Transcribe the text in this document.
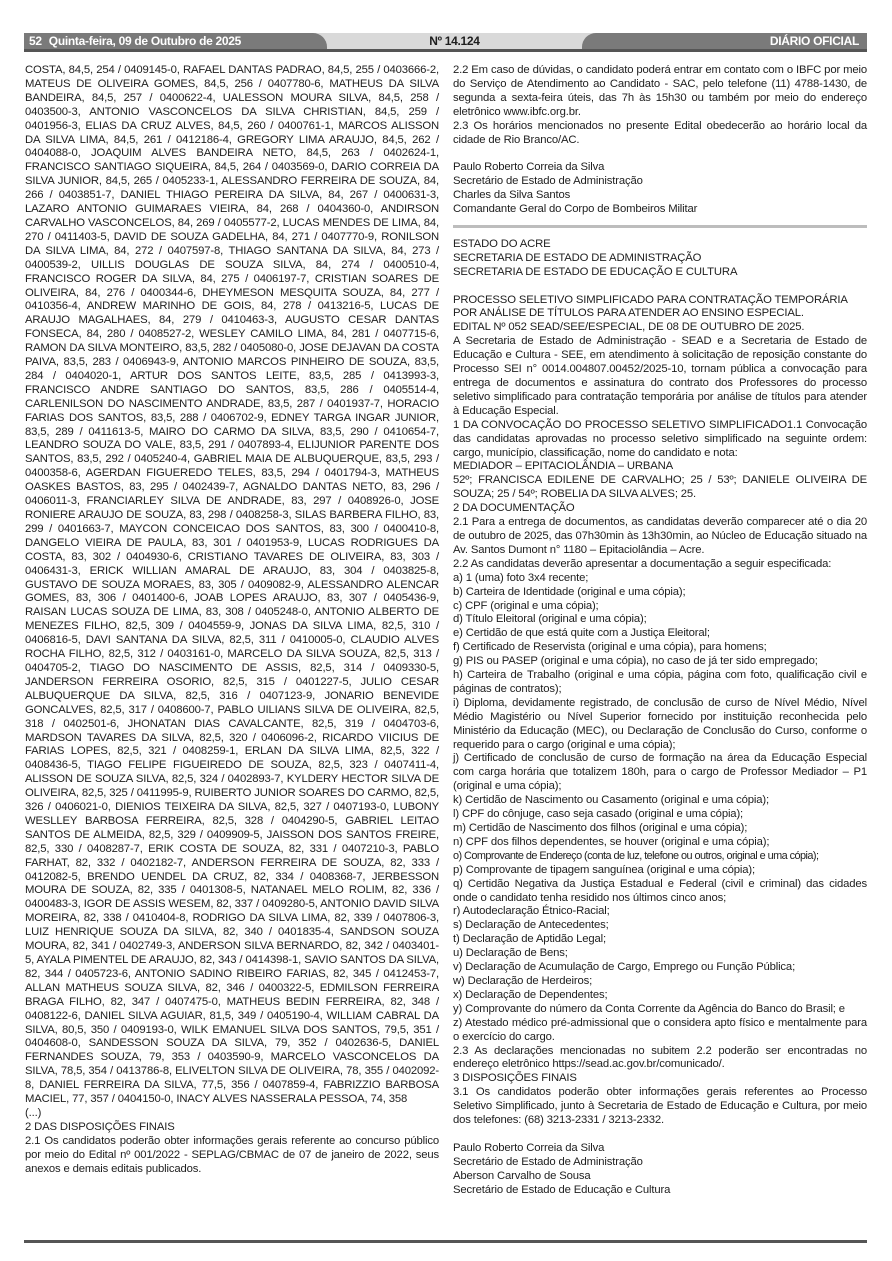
52 Quinta-feira, 09 de Outubro de 2025	Nº 14.124	DIÁRIO OFICIAL

COSTA, 84,5, 254 / 0409145-0, RAFAEL DANTAS PADRAO, 84,5, 255 / 0403666-2, MATEUS DE OLIVEIRA GOMES, 84,5, 256 / 0407780-6, MATHEUS DA SILVA BANDEIRA, 84,5, 257 / 0400622-4, UALESSON MOURA SILVA, 84,5, 258 / 0403500-3, ANTONIO VASCONCELOS DA SILVA CHRISTIAN, 84,5, 259 / 0401956-3, ELIAS DA CRUZ ALVES, 84,5, 260 / 0400761-1, MARCOS ALISSON DA SILVA LIMA, 84,5, 261 / 0412186-4, GREGORY LIMA ARAUJO, 84,5, 262 / 0404088-0, JOAQUIM ALVES BANDEIRA NETO, 84,5, 263 / 0402624-1, FRANCISCO SANTIAGO SIQUEIRA, 84,5, 264 / 0403569-0, DARIO CORREIA DA SILVA JUNIOR, 84,5, 265 / 0405233-1, ALESSANDRO FERREIRA DE SOUZA, 84, 266 / 0403851-7, DANIEL THIAGO PEREIRA DA SILVA, 84, 267 / 0400631-3, LAZARO ANTONIO GUIMARAES VIEIRA, 84, 268 / 0404360-0, ANDIRSON CARVALHO VASCONCELOS, 84, 269 / 0405577-2, LUCAS MENDES DE LIMA, 84, 270 / 0411403-5, DAVID DE SOUZA GADELHA, 84, 271 / 0407770-9, RONILSON DA SILVA LIMA, 84, 272 / 0407597-8, THIAGO SANTANA DA SILVA, 84, 273 / 0400539-2, UILLIS DOUGLAS DE SOUZA SILVA, 84, 274 / 0400510-4, FRANCISCO ROGER DA SILVA, 84, 275 / 0406197-7, CRISTIAN SOARES DE OLIVEIRA, 84, 276 / 0400344-6, DHEYMESON MESQUITA SOUZA, 84, 277 / 0410356-4, ANDREW MARINHO DE GOIS, 84, 278 / 0413216-5, LUCAS DE ARAUJO MAGALHAES, 84, 279 / 0410463-3, AUGUSTO CESAR DANTAS FONSECA, 84, 280 / 0408527-2, WESLEY CAMILO LIMA, 84, 281 / 0407715-6, RAMON DA SILVA MONTEIRO, 83,5, 282 / 0405080-0, JOSE DEJAVAN DA COSTA PAIVA, 83,5, 283 / 0406943-9, ANTONIO MARCOS PINHEIRO DE SOUZA, 83,5, 284 / 0404020-1, ARTUR DOS SANTOS LEITE, 83,5, 285 / 0413993-3, FRANCISCO ANDRE SANTIAGO DO SANTOS, 83,5, 286 / 0405514-4, CARLENILSON DO NASCIMENTO ANDRADE, 83,5, 287 / 0401937-7, HORACIO FARIAS DOS SANTOS, 83,5, 288 / 0406702-9, EDNEY TARGA INGAR JUNIOR, 83,5, 289 / 0411613-5, MAIRO DO CARMO DA SILVA, 83,5, 290 / 0410654-7, LEANDRO SOUZA DO VALE, 83,5, 291 / 0407893-4, ELIJUNIOR PARENTE DOS SANTOS, 83,5, 292 / 0405240-4, GABRIEL MAIA DE ALBUQUERQUE, 83,5, 293 / 0400358-6, AGERDAN FIGUEREDO TELES, 83,5, 294 / 0401794-3, MATHEUS OASKES BASTOS, 83, 295 / 0402439-7, AGNALDO DANTAS NETO, 83, 296 / 0406011-3, FRANCIARLEY SILVA DE ANDRADE, 83, 297 / 0408926-0, JOSE RONIERE ARAUJO DE SOUZA, 83, 298 / 0408258-3, SILAS BARBERA FILHO, 83, 299 / 0401663-7, MAYCON CONCEICAO DOS SANTOS, 83, 300 / 0400410-8, DANGELO VIEIRA DE PAULA, 83, 301 / 0401953-9, LUCAS RODRIGUES DA COSTA, 83, 302 / 0404930-6, CRISTIANO TAVARES DE OLIVEIRA, 83, 303 / 0406431-3, ERICK WILLIAN AMARAL DE ARAUJO, 83, 304 / 0403825-8, GUSTAVO DE SOUZA MORAES, 83, 305 / 0409082-9, ALESSANDRO ALENCAR GOMES, 83, 306 / 0401400-6, JOAB LOPES ARAUJO, 83, 307 / 0405436-9, RAISAN LUCAS SOUZA DE LIMA, 83, 308 / 0405248-0, ANTONIO ALBERTO DE MENEZES FILHO, 82,5, 309 / 0404559-9, JONAS DA SILVA LIMA, 82,5, 310 / 0406816-5, DAVI SANTANA DA SILVA, 82,5, 311 / 0410005-0, CLAUDIO ALVES ROCHA FILHO, 82,5, 312 / 0403161-0, MARCELO DA SILVA SOUZA, 82,5, 313 / 0404705-2, TIAGO DO NASCIMENTO DE ASSIS, 82,5, 314 / 0409330-5, JANDERSON FERREIRA OSORIO, 82,5, 315 / 0401227-5, JULIO CESAR ALBUQUERQUE DA SILVA, 82,5, 316 / 0407123-9, JONARIO BENEVIDE GONCALVES, 82,5, 317 / 0408600-7, PABLO UILIANS SILVA DE OLIVEIRA, 82,5, 318 / 0402501-6, JHONATAN DIAS CAVALCANTE, 82,5, 319 / 0404703-6, MARDSON TAVARES DA SILVA, 82,5, 320 / 0406096-2, RICARDO VIICIUS DE FARIAS LOPES, 82,5, 321 / 0408259-1, ERLAN DA SILVA LIMA, 82,5, 322 / 0408436-5, TIAGO FELIPE FIGUEIREDO DE SOUZA, 82,5, 323 / 0407411-4, ALISSON DE SOUZA SILVA, 82,5, 324 / 0402893-7, KYLDERY HECTOR SILVA DE OLIVEIRA, 82,5, 325 / 0411995-9, RUIBERTO JUNIOR SOARES DO CARMO, 82,5, 326 / 0406021-0, DIENIOS TEIXEIRA DA SILVA, 82,5, 327 / 0407193-0, LUBONY WESLLEY BARBOSA FERREIRA, 82,5, 328 / 0404290-5, GABRIEL LEITAO SANTOS DE ALMEIDA, 82,5, 329 / 0409909-5, JAISSON DOS SANTOS FREIRE, 82,5, 330 / 0408287-7, ERIK COSTA DE SOUZA, 82, 331 / 0407210-3, PABLO FARHAT, 82, 332 / 0402182-7, ANDERSON FERREIRA DE SOUZA, 82, 333 / 0412082-5, BRENDO UENDEL DA CRUZ, 82, 334 / 0408368-7, JERBESSON MOURA DE SOUZA, 82, 335 / 0401308-5, NATANAEL MELO ROLIM, 82, 336 / 0400483-3, IGOR DE ASSIS WESEM, 82, 337 / 0409280-5, ANTONIO DAVID SILVA MOREIRA, 82, 338 / 0410404-8, RODRIGO DA SILVA LIMA, 82, 339 / 0407806-3, LUIZ HENRIQUE SOUZA DA SILVA, 82, 340 / 0401835-4, SANDSON SOUZA MOURA, 82, 341 / 0402749-3, ANDERSON SILVA BERNARDO, 82, 342 / 0403401-5, AYALA PIMENTEL DE ARAUJO, 82, 343 / 0414398-1, SAVIO SANTOS DA SILVA, 82, 344 / 0405723-6, ANTONIO SADINO RIBEIRO FARIAS, 82, 345 / 0412453-7, ALLAN MATHEUS SOUZA SILVA, 82, 346 / 0400322-5, EDMILSON FERREIRA BRAGA FILHO, 82, 347 / 0407475-0, MATHEUS BEDIN FERREIRA, 82, 348 / 0408122-6, DANIEL SILVA AGUIAR, 81,5, 349 / 0405190-4, WILLIAM CABRAL DA SILVA, 80,5, 350 / 0409193-0, WILK EMANUEL SILVA DOS SANTOS, 79,5, 351 / 0404608-0, SANDESSON SOUZA DA SILVA, 79, 352 / 0402636-5, DANIEL FERNANDES SOUZA, 79, 353 / 0403590-9, MARCELO VASCONCELOS DA SILVA, 78,5, 354 / 0413786-8, ELIVELTON SILVA DE OLIVEIRA, 78, 355 / 0402092-8, DANIEL FERREIRA DA SILVA, 77,5, 356 / 0407859-4, FABRIZZIO BARBOSA MACIEL, 77, 357 / 0404150-0, INACY ALVES NASSERALA PESSOA, 74, 358

(...)

2 DAS DISPOSIÇÕES FINAIS

2.1 Os candidatos poderão obter informações gerais referente ao concurso público por meio do Edital nº 001/2022 - SEPLAG/CBMAC de 07 de janeiro de 2022, seus anexos e demais editais publicados.

2.2 Em caso de dúvidas, o candidato poderá entrar em contato com o IBFC por meio do Serviço de Atendimento ao Candidato - SAC, pelo telefone (11) 4788-1430, de segunda a sexta-feira úteis, das 7h às 15h30 ou também por meio do endereço eletrônico www.ibfc.org.br.

2.3 Os horários mencionados no presente Edital obedecerão ao horário local da cidade de Rio Branco/AC.

Paulo Roberto Correia da Silva

Secretário de Estado de Administração

Charles da Silva Santos

Comandante Geral do Corpo de Bombeiros Militar

ESTADO DO ACRE

SECRETARIA DE ESTADO DE ADMINISTRAÇÃO

SECRETARIA DE ESTADO DE EDUCAÇÃO E CULTURA

PROCESSO SELETIVO SIMPLIFICADO PARA CONTRATAÇÃO TEMPORÁRIA POR ANÁLISE DE TÍTULOS PARA ATENDER AO ENSINO ESPECIAL.

EDITAL Nº 052 SEAD/SEE/ESPECIAL, DE 08 DE OUTUBRO DE 2025.

A Secretaria de Estado de Administração - SEAD e a Secretaria de Estado de Educação e Cultura - SEE, em atendimento à solicitação de reposição constante do Processo SEI n° 0014.004807.00452/2025-10, tornam pública a convocação para entrega de documentos e assinatura do contrato dos Professores do processo seletivo simplificado para contratação temporária por análise de títulos para atender à Educação Especial.

1 DA CONVOCAÇÃO DO PROCESSO SELETIVO SIMPLIFICADO1.1 Convocação das candidatas aprovadas no processo seletivo simplificado na seguinte ordem: cargo, município, classificação, nome do candidato e nota:

MEDIADOR – EPITACIOLÂNDIA – URBANA

52º; FRANCISCA EDILENE DE CARVALHO; 25 / 53º; DANIELE OLIVEIRA DE SOUZA; 25 / 54º; ROBELIA DA SILVA ALVES; 25.

2 DA DOCUMENTAÇÃO

2.1 Para a entrega de documentos, as candidatas deverão comparecer até o dia 20 de outubro de 2025, das 07h30min às 13h30min, ao Núcleo de Educação situado na Av. Santos Dumont n° 1180 – Epitaciolândia – Acre.

2.2 As candidatas deverão apresentar a documentação a seguir especificada:

a) 1 (uma) foto 3x4 recente;

b) Carteira de Identidade (original e uma cópia);

c) CPF (original e uma cópia);

d) Título Eleitoral (original e uma cópia);

e) Certidão de que está quite com a Justiça Eleitoral;

f) Certificado de Reservista (original e uma cópia), para homens;

g) PIS ou PASEP (original e uma cópia), no caso de já ter sido empregado;

h) Carteira de Trabalho (original e uma cópia, página com foto, qualificação civil e páginas de contratos);

i) Diploma, devidamente registrado, de conclusão de curso de Nível Médio, Nível Médio Magistério ou Nível Superior fornecido por instituição reconhecida pelo Ministério da Educação (MEC), ou Declaração de Conclusão do Curso, conforme o requerido para o cargo (original e uma cópia);

j) Certificado de conclusão de curso de formação na área da Educação Especial com carga horária que totalizem 180h, para o cargo de Professor Mediador – P1 (original e uma cópia);

k) Certidão de Nascimento ou Casamento (original e uma cópia);

l) CPF do cônjuge, caso seja casado (original e uma cópia);

m) Certidão de Nascimento dos filhos (original e uma cópia);

n) CPF dos filhos dependentes, se houver (original e uma cópia);

o) Comprovante de Endereço (conta de luz, telefone ou outros, original e uma cópia);

p) Comprovante de tipagem sanguínea (original e uma cópia);

q) Certidão Negativa da Justiça Estadual e Federal (civil e criminal) das cidades onde o candidato tenha residido nos últimos cinco anos;

r) Autodeclaração Étnico-Racial;

s) Declaração de Antecedentes;

t) Declaração de Aptidão Legal;

u) Declaração de Bens;

v) Declaração de Acumulação de Cargo, Emprego ou Função Pública;

w) Declaração de Herdeiros;

x) Declaração de Dependentes;

y) Comprovante do número da Conta Corrente da Agência do Banco do Brasil; e

z) Atestado médico pré-admissional que o considera apto físico e mentalmente para o exercício do cargo.

2.3 As declarações mencionadas no subitem 2.2 poderão ser encontradas no endereço eletrônico https://sead.ac.gov.br/comunicado/.

3 DISPOSIÇÕES FINAIS

3.1 Os candidatos poderão obter informações gerais referentes ao Processo Seletivo Simplificado, junto à Secretaria de Estado de Educação e Cultura, por meio dos telefones: (68) 3213-2331 / 3213-2332.

Paulo Roberto Correia da Silva

Secretário de Estado de Administração

Aberson Carvalho de Sousa

Secretário de Estado de Educação e Cultura
